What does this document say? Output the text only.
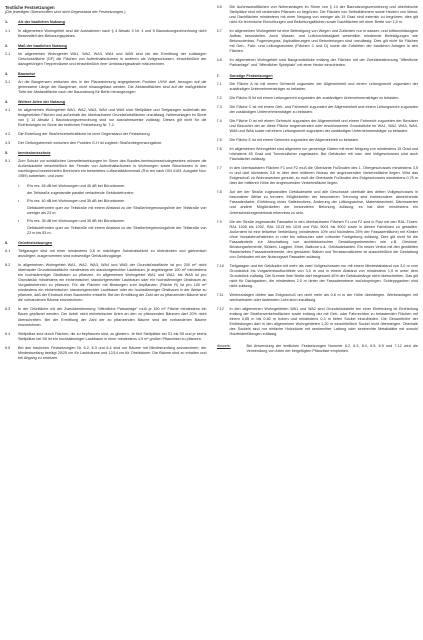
Textliche Festsetzungen

(Die jeweiligen Überschriften sind nicht Gegenstand der Festsetzungen.)

1.	Art der baulichen Nutzung
1.1	In allgemeinen Wohngebiet sind die Ausnahmen nach § 4 Absatz 3 Nr. 4 und 5 Baunutzungsverordnung nicht Bestandteil des Bebauungsplanes.
2.	Maß der baulichen Nutzung
2.1	Im allgemeinen Wohngebiet WA1, WA2, WA3, WA4 und WA5 sind bei der Ermittlung der zulässigen Geschossfläche (GF) die Flächen von Aufenthaltsräumen in anderen als Vollgeschossen, einschließlich der dazugehörigen Treppenräume und einschließlich ihrer Umfassungswände mitzurechnen.
3.	Bauweise
3.1	An die Baugrenzen zwischen den in der Planzeichnung angegebenen Punkten UVW darf, bezogen auf die gemessene Länge der Baugrenze, nicht hinausgebaut werden. Die Abstandflächen sind auf die maßgebliche Tiefe der Abstandfläche nach der Bauordnung für Berlin herangezogen.
4.	Weitere Arten der Nutzung
4.1	Im allgemeinen Wohngebiet WA1, WA2, WA3, WA4 und WA5 sind Stellplätze und Tiefgaragen außerhalb der festgesetzten Flächen und außerhalb der überbaubaren Grundstücksflächen unzulässig. Nebenanlagen im Sinne von § 14 Absatz 1 Baunutzungsverordnung sind nur ausnahmsweise zulässig. Dieses gilt nicht für die Einfriedungen im Sinne der textlichen Festsetzung Nr. 7.2.
4.2	Die Einteilung der Straßenverkehrsfläche ist nicht Gegenstand der Festsetzung.
4.3	Der Geltungsbereich zwischen den Punkten G-H ist zugleich Straßenbegrenzungslinie.
5.	Immissionsschutz
5.1	Zum Schutz vor schädlichen Umwelteinwirkungen im Sinne des Bundes-Immissionsschutzgesetzes müssen die Außenbauteile einschließlich der Fenster von Aufenthaltsräumen in Wohnungen sowie Büroräumen in den nachfolgend bezeichneten Bereichen ein bewertetes Luftschalldämmmaß (R'w res nach DIN 4109, Ausgabe Nov. 1989) aufweisen, und zwar:
•	R'w res: 45 dB bei Wohnungen und 40 dB bei Büroräumen
der Teilstraße zugewandte parallel verlaufende Gebäudefronten;
•	R'w res: 40 dB bei Wohnungen und 35 dB bei Büroräumen
Gebäudefronten quer zur Teilstraße mit einem Abstand zu der Straßenbegrenzungslinie der Teilstraße von weniger als 23 m;
•	R'w res: 35 dB bei Wohnungen und 30 dB bei Büroräumen
Gebäudefronten quer zur Teilstraße mit einem Abstand zu der Straßenbegrenzungslinie der Teilstraße von 23 m bis 53 m.
6.	Grünfestsetzungen
6.1	Tiefgaragen sind mit einer mindestens 0,8 m mächtigen Substratschicht zu überdecken und gärtnerisch anzulegen; ausgenommen sind notwendige Gebäudezugänge.
6.2	In allgemeinen Wohngebiet WA1, WA2, WA3, WA4 und WA5 der Grundstücksfläche ist pro 200 m² nicht überbauter Grundstücksfläche mindestens ein standortgerechter Laubbaum, je angefangene 100 m² mindestens ein hochstämmiger Obstbaum zu pflanzen. Im allgemeinen Wohngebiet WA1 und WA2, bis WA5 ist pro Grundstück mindestens ein einheimischer, standortgerechter Laubbaum oder ein hochstämmiger Obstbaum an Vorgartenbereich zu pflanzen. Für die Flächen mit Bindungen zum Anpflanzen (Fläche R) ist pro 100 m² mindestens ein einheimischer, standortgerechter Laubbaum oder ein hochstämmiger Obstbaum in der Weise zu pflanzen, daß der Eindruck einer Baumreihe entsteht. Bei der Ermittlung der Zahl der zu pflanzenden Bäume sind die vorhandenen Bäume einzurechnen.
6.3	In der Grünfläche mit der Zweckbestimmung "öffentliche Parkanlage" muß je 150 m² Fläche mindestens ein Baum gepflanzt werden. Der Anteil nicht einheimischer Arten an den zu pflanzenden Bäumen darf 20% nicht überschreiten. Bei der Ermittlung der Zahl der zu pflanzenden Bäume sind die vorhandenen Bäume einzurechnen.
6.4	Stellplätze sind durch Flächen, die zu bepflanzen sind, zu gliedern. Je fünf Stellplätze bei S1 bis S5 und je sechs Stellplätze bei S6 ist ein hochstämmiger Laubbaum in einer mindestens 4,5 m² großen Pflanzinsel zu pflanzen.
6.5	Bei den baulichen Festsetzungen Nr. 6.2, 6.3 und 6.4 sind nur Bäume mit Mindestumfang anzurechnen; der Mindestumfang beträgt 20/25 cm für Laubbäume und 12/14 cm für Obstbäume. Die Bäume sind zu erhalten und bei Abgang zu ersetzen.
6.6	Die Außenwandflächen von Nebenanlagen im Sinne von § 14 der Baunutzungsverordnung und oberirdische Stellplätze sind mit rankenden Pflanzen zu begrünen. Die Flächen von Selbstklimmern sowie Hecken von Wand- und Dachflächen mindestens mit einer Neigung von weniger als 15 Grad sind extensiv zu begrünen; dies gilt nicht für technische Einrichtungen und Belichtungsflächen sowie Dachflächen mit einer Breite von 1,5 m.
6.7	Im allgemeinen Wohngebiet ist eine Befestigung von Wegen und Zufahrten nur in wasser- und luftdurchlässigem Aufbau herzustellen. Auch Wasser- und Luftdurchlässigkeit wesentlich mindernde Befestigungen wie Betonunterbau, Fugenverguss, Asphaltierungen und Betonierungen sind unzulässig. Dies gilt nicht für Flächen mit Geh-, Fahr- und Leitungsrechten (Flächen C und D) sowie die Zufahrten der baulichen Anlagen in den Flächen.
6.8	Im allgemeinen Wohngebiet sind Baugrundstücke entlang der Flächen mit der Zweckbestimmung "öffentliche Parkanlage" und "öffentlicher Spielplatz" mit einer Hecke einzufrieden.
7.	Sonstige Festsetzungen
7.1	Die Fläche A ist mit einem Gehrecht zugunsten der Allgemeinheit und einem Leitungsrecht zugunsten der zuständigen Unternehmensträger zu belasten.
7.2	Die Fläche B ist mit einem Leitungsrecht zugunsten der zuständigen Unternehmensträger zu belasten.
7.3	Die Fläche C ist mit einem Geh- und Fahrrecht zugunsten der Allgemeinheit und einem Leitungsrecht zugunsten der zuständigen Unternehmensträger zu belasten.
7.4	Die Fläche D ist mit einem Gehrecht zugunsten der Allgemeinheit und einem Fahrrecht zugunsten der Benutzer und Besucher der an diese Fläche angrenzenden oder erschlossenen Grundstücke im WA1, WA2, WA3, WA4, WA5 und WA6 sowie mit einem Leitungsrecht zugunsten der zuständigen Unternehmensträger zu belasten.
7.5	Die Fläche E ist mit einem Gehrecht zugunsten der Allgemeinheit zu belasten.
7.6	Im allgemeinen Wohngebiet sind allgemein nur gemeinige Gärten mit einer Neigung von mindestens 15 Grad und höchstens 45 Grad und Tonnendächer zugelassen. Bei Gebäuden mit max. drei Vollgeschossen sind auch Flachdächer zulässig.
7.7	In den überbaubaren Flächen F1 und F2 muß die Oberkante Fußboden des 1. Obergeschosses mindestens 3,5 m und darf höchstens 3,8 m über dem mittleren Niveau der angrenzenden Verkehrsfläche liegen. Wird das Erdgeschoß zu Wohnzwecken genutzt, so muß die Oberkante Fußboden des Erdgeschosses mindestens 0,75 m über der mittleren Höhe der angrenzenden Verkehrsfläche liegen.
7.8	Auf der der Straße zugewandten Gebäudeseite und alle Geschosse oberhalb des dritten Vollgeschosses in besonderer Weise zu trennen; Möglichkeiten der besonderen Trennung sind insbesondere: abweichende Fassadenfarbe, Einführung eines Sattelmotives, Änderung der Lüftungsachse, Materialwechsel, Dämmwerten und andere Möglichkeiten der besonderen Betonung zulässig; es hat über mindestens ein Unterscheidungsmerkmal erkennbar zu sein.
7.9	Die der Straße zugewandte Fassaden in den überbaubaren Flächen F1 und F2 sind in Putz mit den RAL-Tönen: RAL 1000 bis 1002, RAL 1013 bis 1015 und RAL 9001 bis 9002 sowie in diesen Farbtönen zu gestalten. Außerdem ist eine teilweise Verkleidung (mindestens 10% und höchstens 25% der Fassadenfläche) mit Klinker ohne Vorsatzbruchsteinen in roter bis rotbrauner oder rotbunter Farbgebung zulässig. Dies gilt nicht für die Fassadenteile zur Abschattung von architektonischen Gestaltungselementen wie z.B. Gesimse, Brüstungselemente, Stützen, Loggien, Erker, Balkone u.ä., Gebäudekanten. Ein neues Verbot mit den gewählten Rasterfarben Fassadenelemente, den genutzten Stäben und Terrassendächern ist ausschließlich der Gestaltung von Gebäuden mit der Nutzungsart Fassaden zulässig.
7.10	Tiefgaragen und bei Gebäuden mit mehr als zwei Vollgeschossen nur mit einem Mindestabstand von 3,0 m vom Grundstück bis Vorgartenbaufluchtlinie von 3,0 m und in einem Abstand von mindestens 1,5 m unter dem Grundstück zulässig. Die Summe ihrer Breite darf insgesamt 40% der Gebäudelänge nicht überschreiten. Das gilt nicht für Dachgauben, die mindestens 2,0 m hinter der Fassadenebene zurückspringen. Schleppgauben sind nicht zulässig.
7.11	Werbeanlagen dürfen das Erdgeschoß um nicht mehr als 0,6 m in der Höhe übersteigen. Werbeanlagen mit wechselndem oder laufendem Licht sind unzulässig.
7.12	In den allgemeinen Wohngebieten WA1 und WA2 sind Grundstücksteile bei einer Einfriedung ist Einfriedung entlang der Straßenverkehrsflächen sowie entlang der mit Geh- oder Fahrrechten zu belastenden Flächen mit einem 0,85 m bis 0,60 m hohen und mindestens 0,3 m tiefen Sockel einzufrieden. Die Gesamthöhe der Einfriedungen darf in den allgemeinen Wohngebieten 1,20 m einschließlich Sockel nicht übersteigen. Oberhalb des Sockels sind nur einfache Holzzäune mit senkrechter Lattung oder senkrechte Metallstäbe mit sowohl Holzfelderfüllungen zulässig.
Hinweis:	Bei Anwendung der textlichen Festsetzungen Nummer 6.2, 6.3, 6.4, 6.5, 6.9 und 7.12 wird die Verwendung von Arten der beigefügten Pflanzliste empfohlen.
